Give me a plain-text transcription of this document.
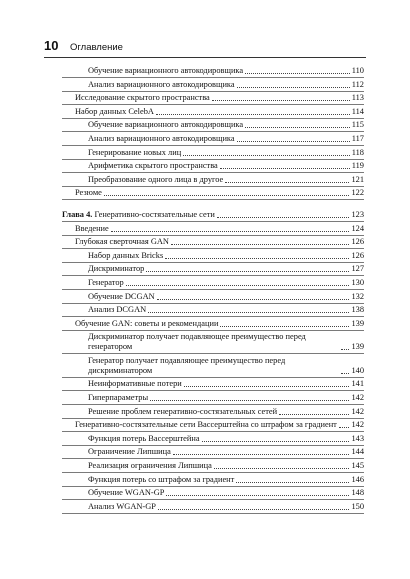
10	Оглавление
Обучение вариационного автокодировщика	110
Анализ вариационного автокодировщика	112
Исследование скрытого пространства	113
Набор данных CelebA	114
Обучение вариационного автокодировщика	115
Анализ вариационного автокодировщика	117
Генерирование новых лиц	118
Арифметика скрытого пространства	119
Преобразование одного лица в другое	121
Резюме	122
Глава 4. Генеративно-состязательные сети	123
Введение	124
Глубокая сверточная GAN	126
Набор данных Bricks	126
Дискриминатор	127
Генератор	130
Обучение DCGAN	132
Анализ DCGAN	138
Обучение GAN: советы и рекомендации	139
Дискриминатор получает подавляющее преимущество перед генератором	139
Генератор получает подавляющее преимущество перед дискриминатором	140
Неинформативные потери	141
Гиперпараметры	142
Решение проблем генеративно-состязательных сетей	142
Генеративно-состязательные сети Вассерштейна со штрафом за градиент 142
Функция потерь Вассерштейна	143
Ограничение Липшица	144
Реализация ограничения Липшица	145
Функция потерь со штрафом за градиент	146
Обучение WGAN-GP	148
Анализ WGAN-GP	150
